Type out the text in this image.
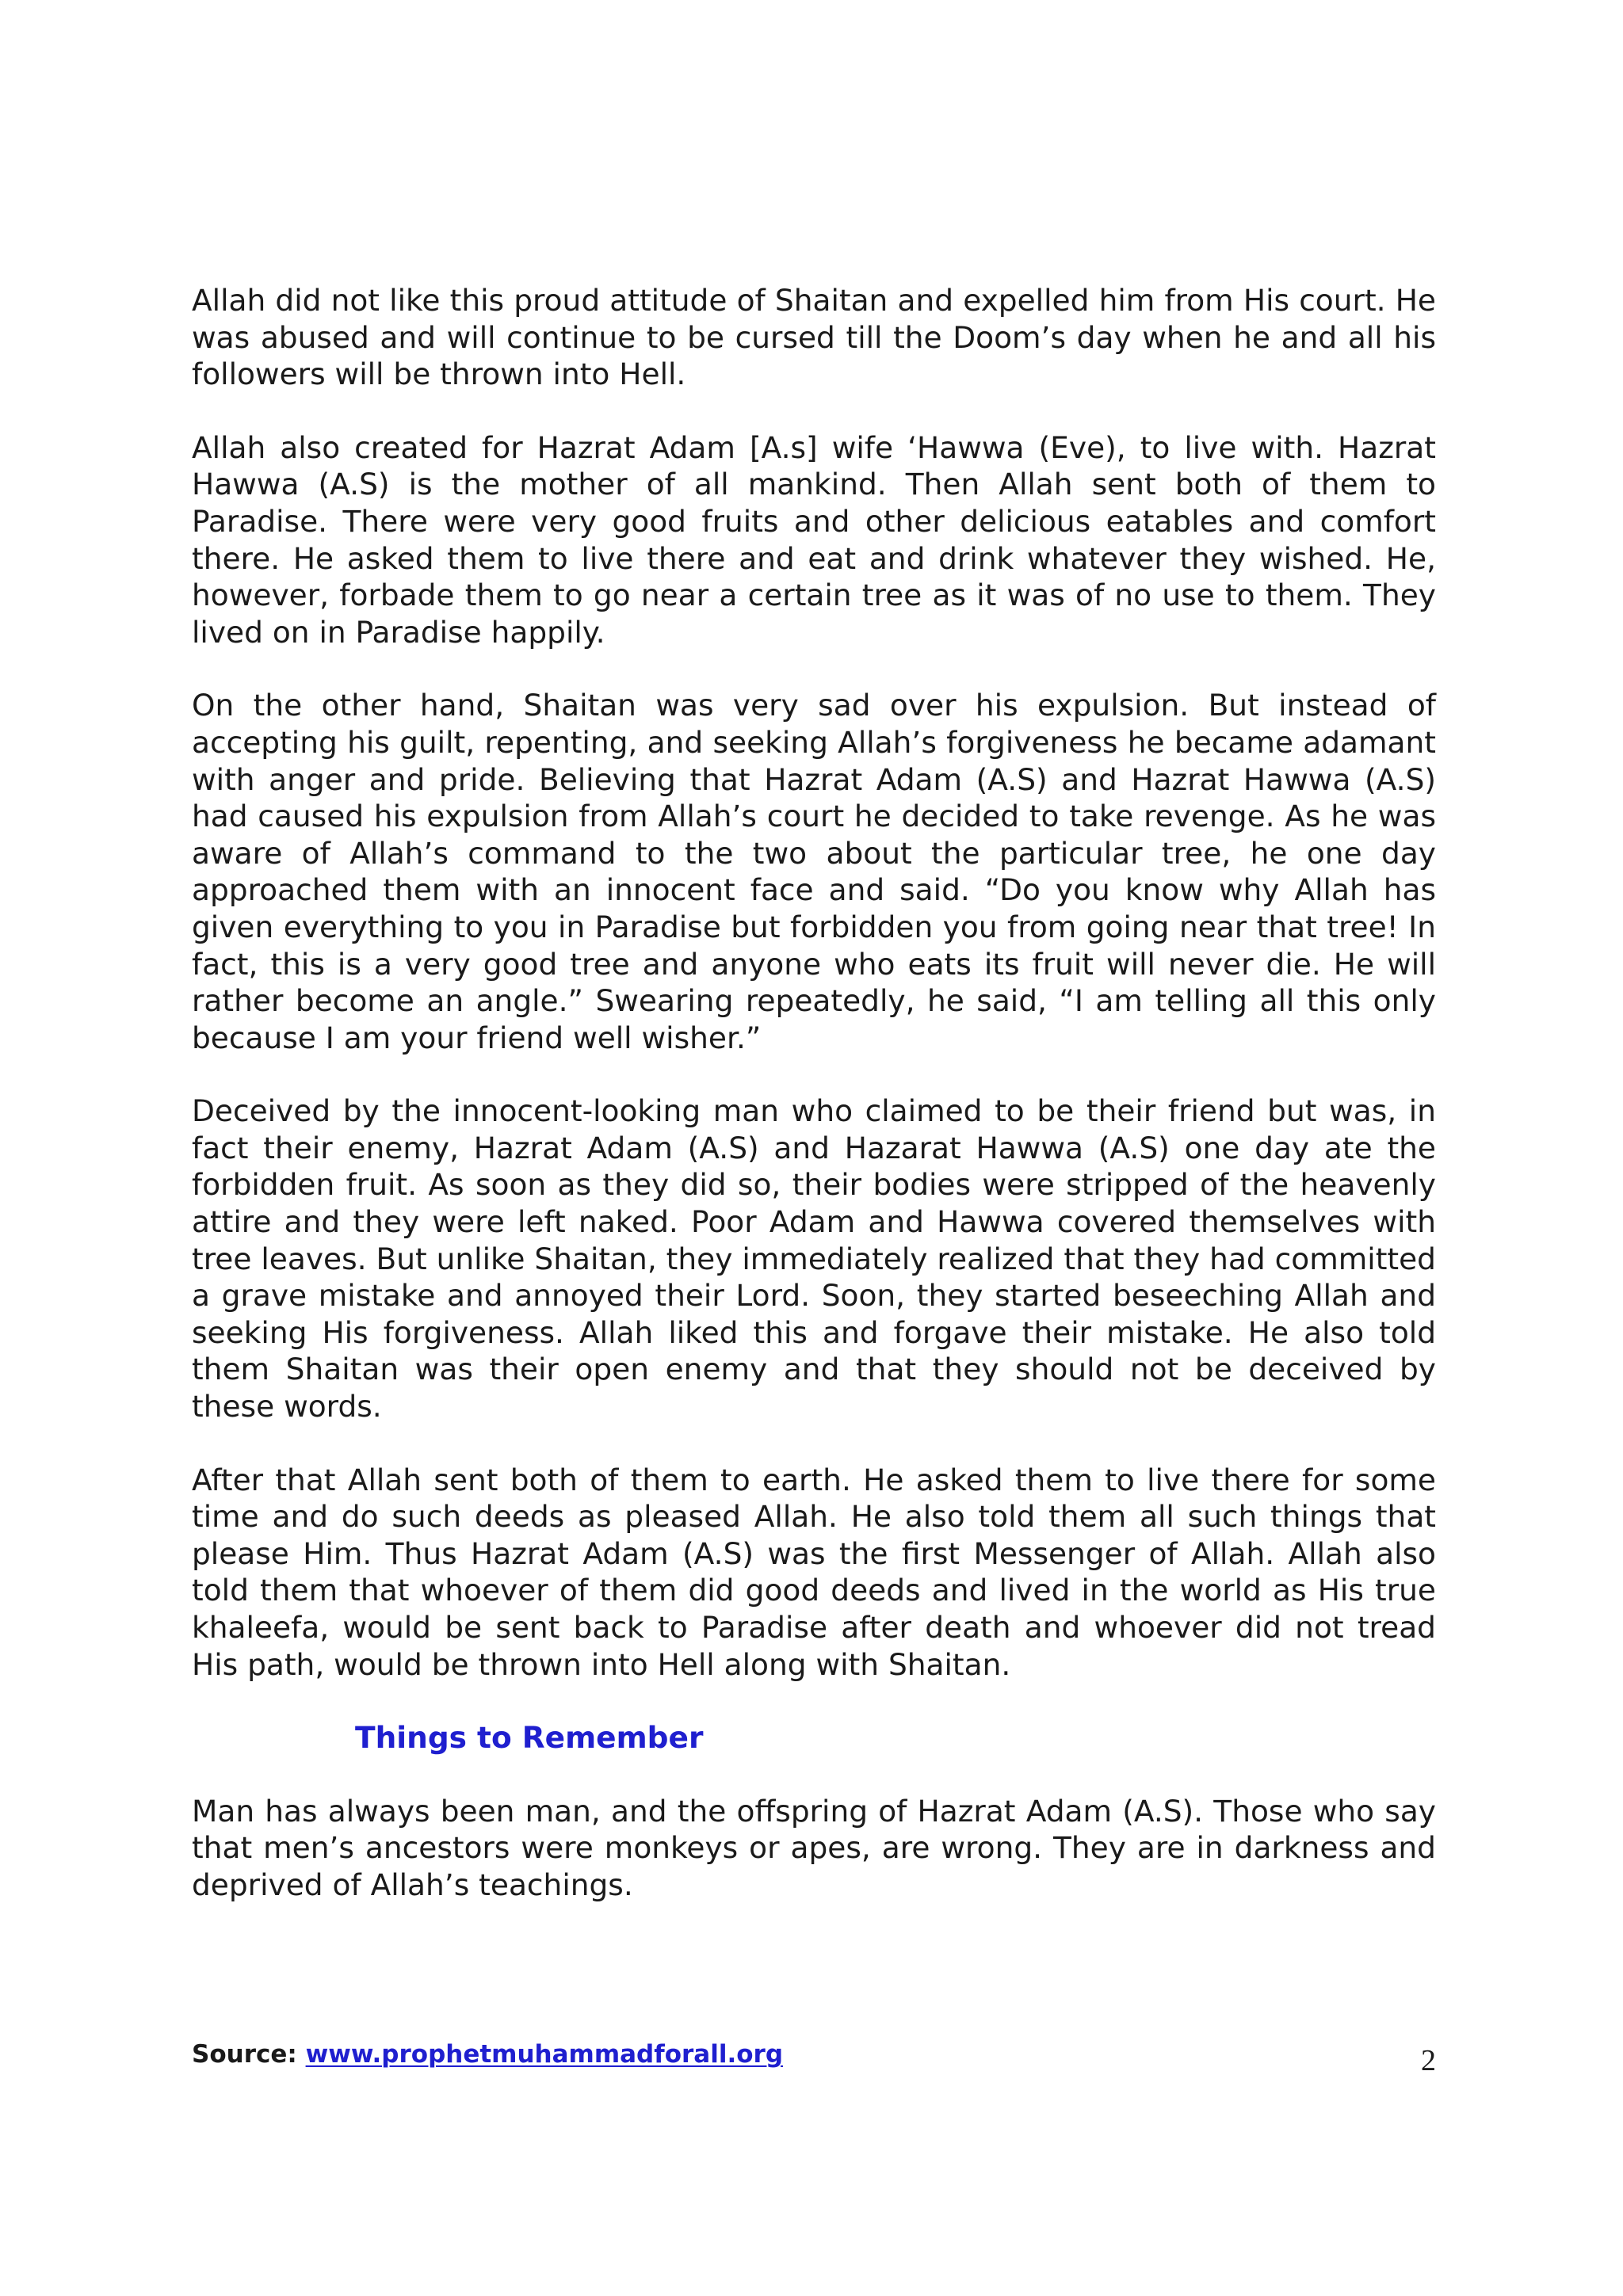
Allah did not like this proud attitude of Shaitan and expelled him from His court. He was abused and will continue to be cursed till the Doom’s day when he and all his followers will be thrown into Hell.

Allah also created for Hazrat Adam [A.s] wife ‘Hawwa (Eve), to live with. Hazrat Hawwa (A.S) is the mother of all mankind. Then Allah sent both of them to Paradise. There were very good fruits and other delicious eatables and comfort there. He asked them to live there and eat and drink whatever they wished. He, however, forbade them to go near a certain tree as it was of no use to them. They lived on in Paradise happily.

On the other hand, Shaitan was very sad over his expulsion. But instead of accepting his guilt, repenting, and seeking Allah’s forgiveness he became adamant with anger and pride. Believing that Hazrat Adam (A.S) and Hazrat Hawwa (A.S) had caused his expulsion from Allah’s court he decided to take revenge. As he was aware of Allah’s command to the two about the particular tree, he one day approached them with an innocent face and said. “Do you know why Allah has given everything to you in Paradise but forbidden you from going near that tree! In fact, this is a very good tree and anyone who eats its fruit will never die. He will rather become an angle.” Swearing repeatedly, he said, “I am telling all this only because I am your friend well wisher.”

Deceived by the innocent-looking man who claimed to be their friend but was, in fact their enemy, Hazrat Adam (A.S) and Hazarat Hawwa (A.S) one day ate the forbidden fruit. As soon as they did so, their bodies were stripped of the heavenly attire and they were left naked. Poor Adam and Hawwa covered themselves with tree leaves. But unlike Shaitan, they immediately realized that they had committed a grave mistake and annoyed their Lord. Soon, they started beseeching Allah and seeking His forgiveness. Allah liked this and forgave their mistake. He also told them Shaitan was their open enemy and that they should not be deceived by these words.

After that Allah sent both of them to earth. He asked them to live there for some time and do such deeds as pleased Allah. He also told them all such things that please Him. Thus Hazrat Adam (A.S) was the first Messenger of Allah. Allah also told them that whoever of them did good deeds and lived in the world as His true khaleefa, would be sent back to Paradise after death and whoever did not tread His path, would be thrown into Hell along with Shaitan.

Things to Remember

Man has always been man, and the offspring of Hazrat Adam (A.S). Those who say that men’s ancestors were monkeys or apes, are wrong. They are in darkness and deprived of Allah’s teachings.

Source: www.prophetmuhammadforall.org	2
